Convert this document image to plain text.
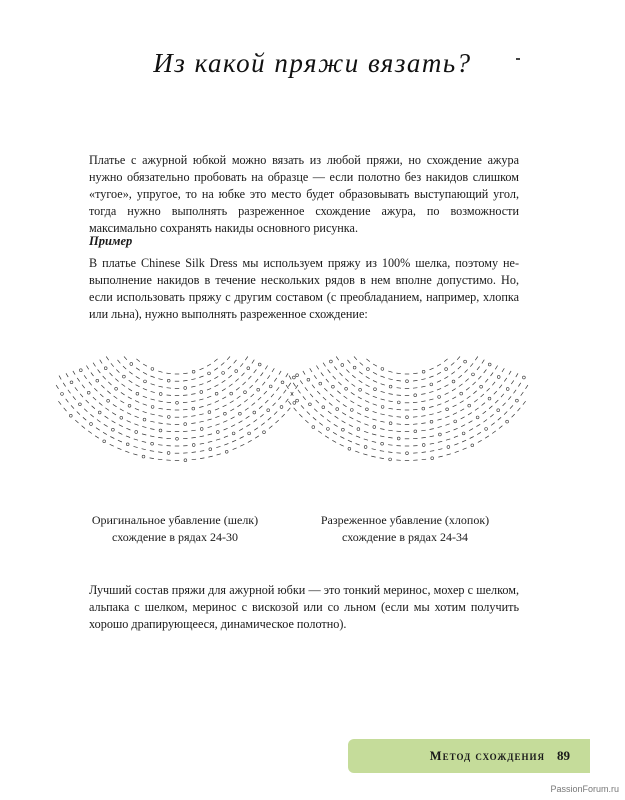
Из какой пряжи вязать?

Платье с ажурной юбкой можно вязать из любой пряжи, но схождение ажура нужно обязательно пробовать на образце — если полотно без накидов слишком «тугое», упругое, то на юбке это место будет образовывать выступающий угол, тогда нужно выполнять разреженное схождение ажура, по возможности максимально сохранять накиды основного рисунка.

Пример

В платье Chinese Silk Dress мы используем пряжу из 100% шелка, поэтому не-выполнение накидов в течение нескольких рядов в нем вполне допустимо. Но, если использовать пряжу с другим составом (с преобладанием, например, хлопка или льна), нужно выполнять разреженное схождение:

Оригинальное убавление (шелк)
схождение в рядах 24-30
Разреженное убавление (хлопок)
схождение в рядах 24-34

Лучший состав пряжи для ажурной юбки — это тонкий меринос, мохер с шелком, альпака с шелком, меринос с вискозой или со льном (если мы хотим получить хорошо драпирующееся, динамическое полотно).

Метод схождения 89
PassionForum.ru
